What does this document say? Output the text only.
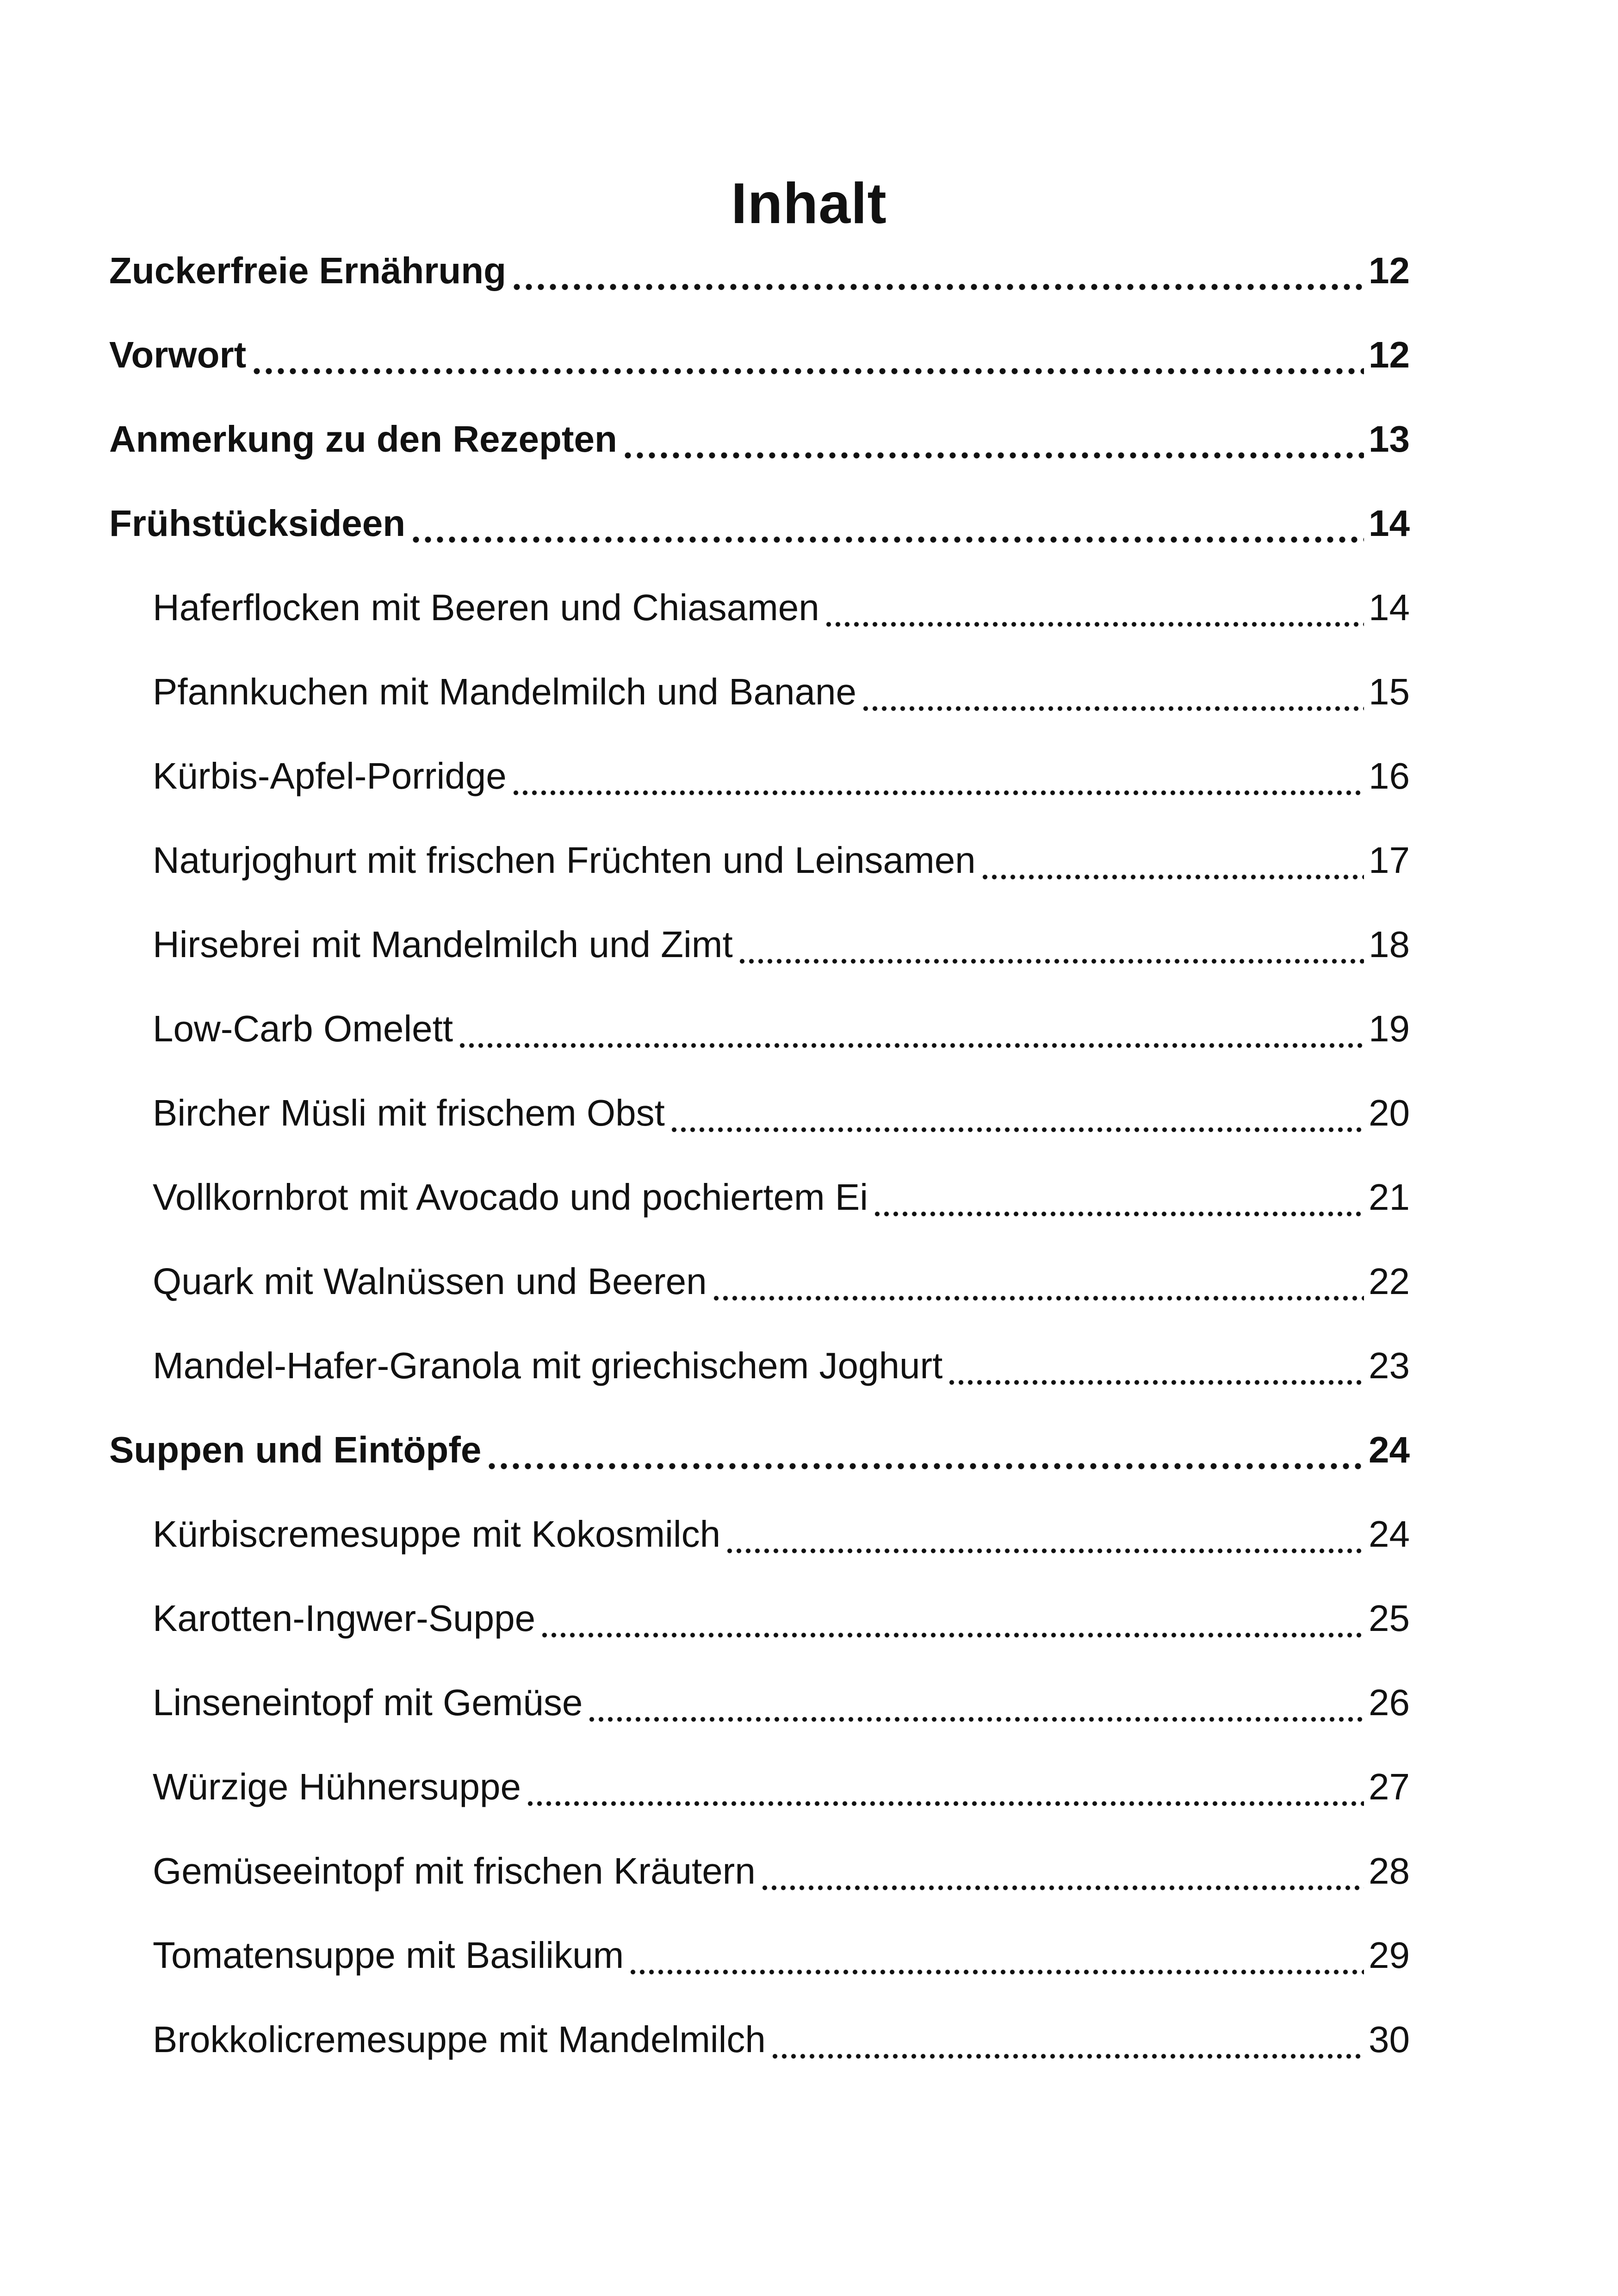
Inhalt
Zuckerfreie Ernährung	12
Vorwort	12
Anmerkung zu den Rezepten	13
Frühstücksideen	14
Haferflocken mit Beeren und Chiasamen	14
Pfannkuchen mit Mandelmilch und Banane	15
Kürbis-Apfel-Porridge	16
Naturjoghurt mit frischen Früchten und Leinsamen	17
Hirsebrei mit Mandelmilch und Zimt	18
Low-Carb Omelett	19
Bircher Müsli mit frischem Obst	20
Vollkornbrot mit Avocado und pochiertem Ei	21
Quark mit Walnüssen und Beeren	22
Mandel-Hafer-Granola mit griechischem Joghurt	23
Suppen und Eintöpfe	24
Kürbiscremesuppe mit Kokosmilch	24
Karotten-Ingwer-Suppe	25
Linseneintopf mit Gemüse	26
Würzige Hühnersuppe	27
Gemüseeintopf mit frischen Kräutern	28
Tomatensuppe mit Basilikum	29
Brokkolicremesuppe mit Mandelmilch	30
